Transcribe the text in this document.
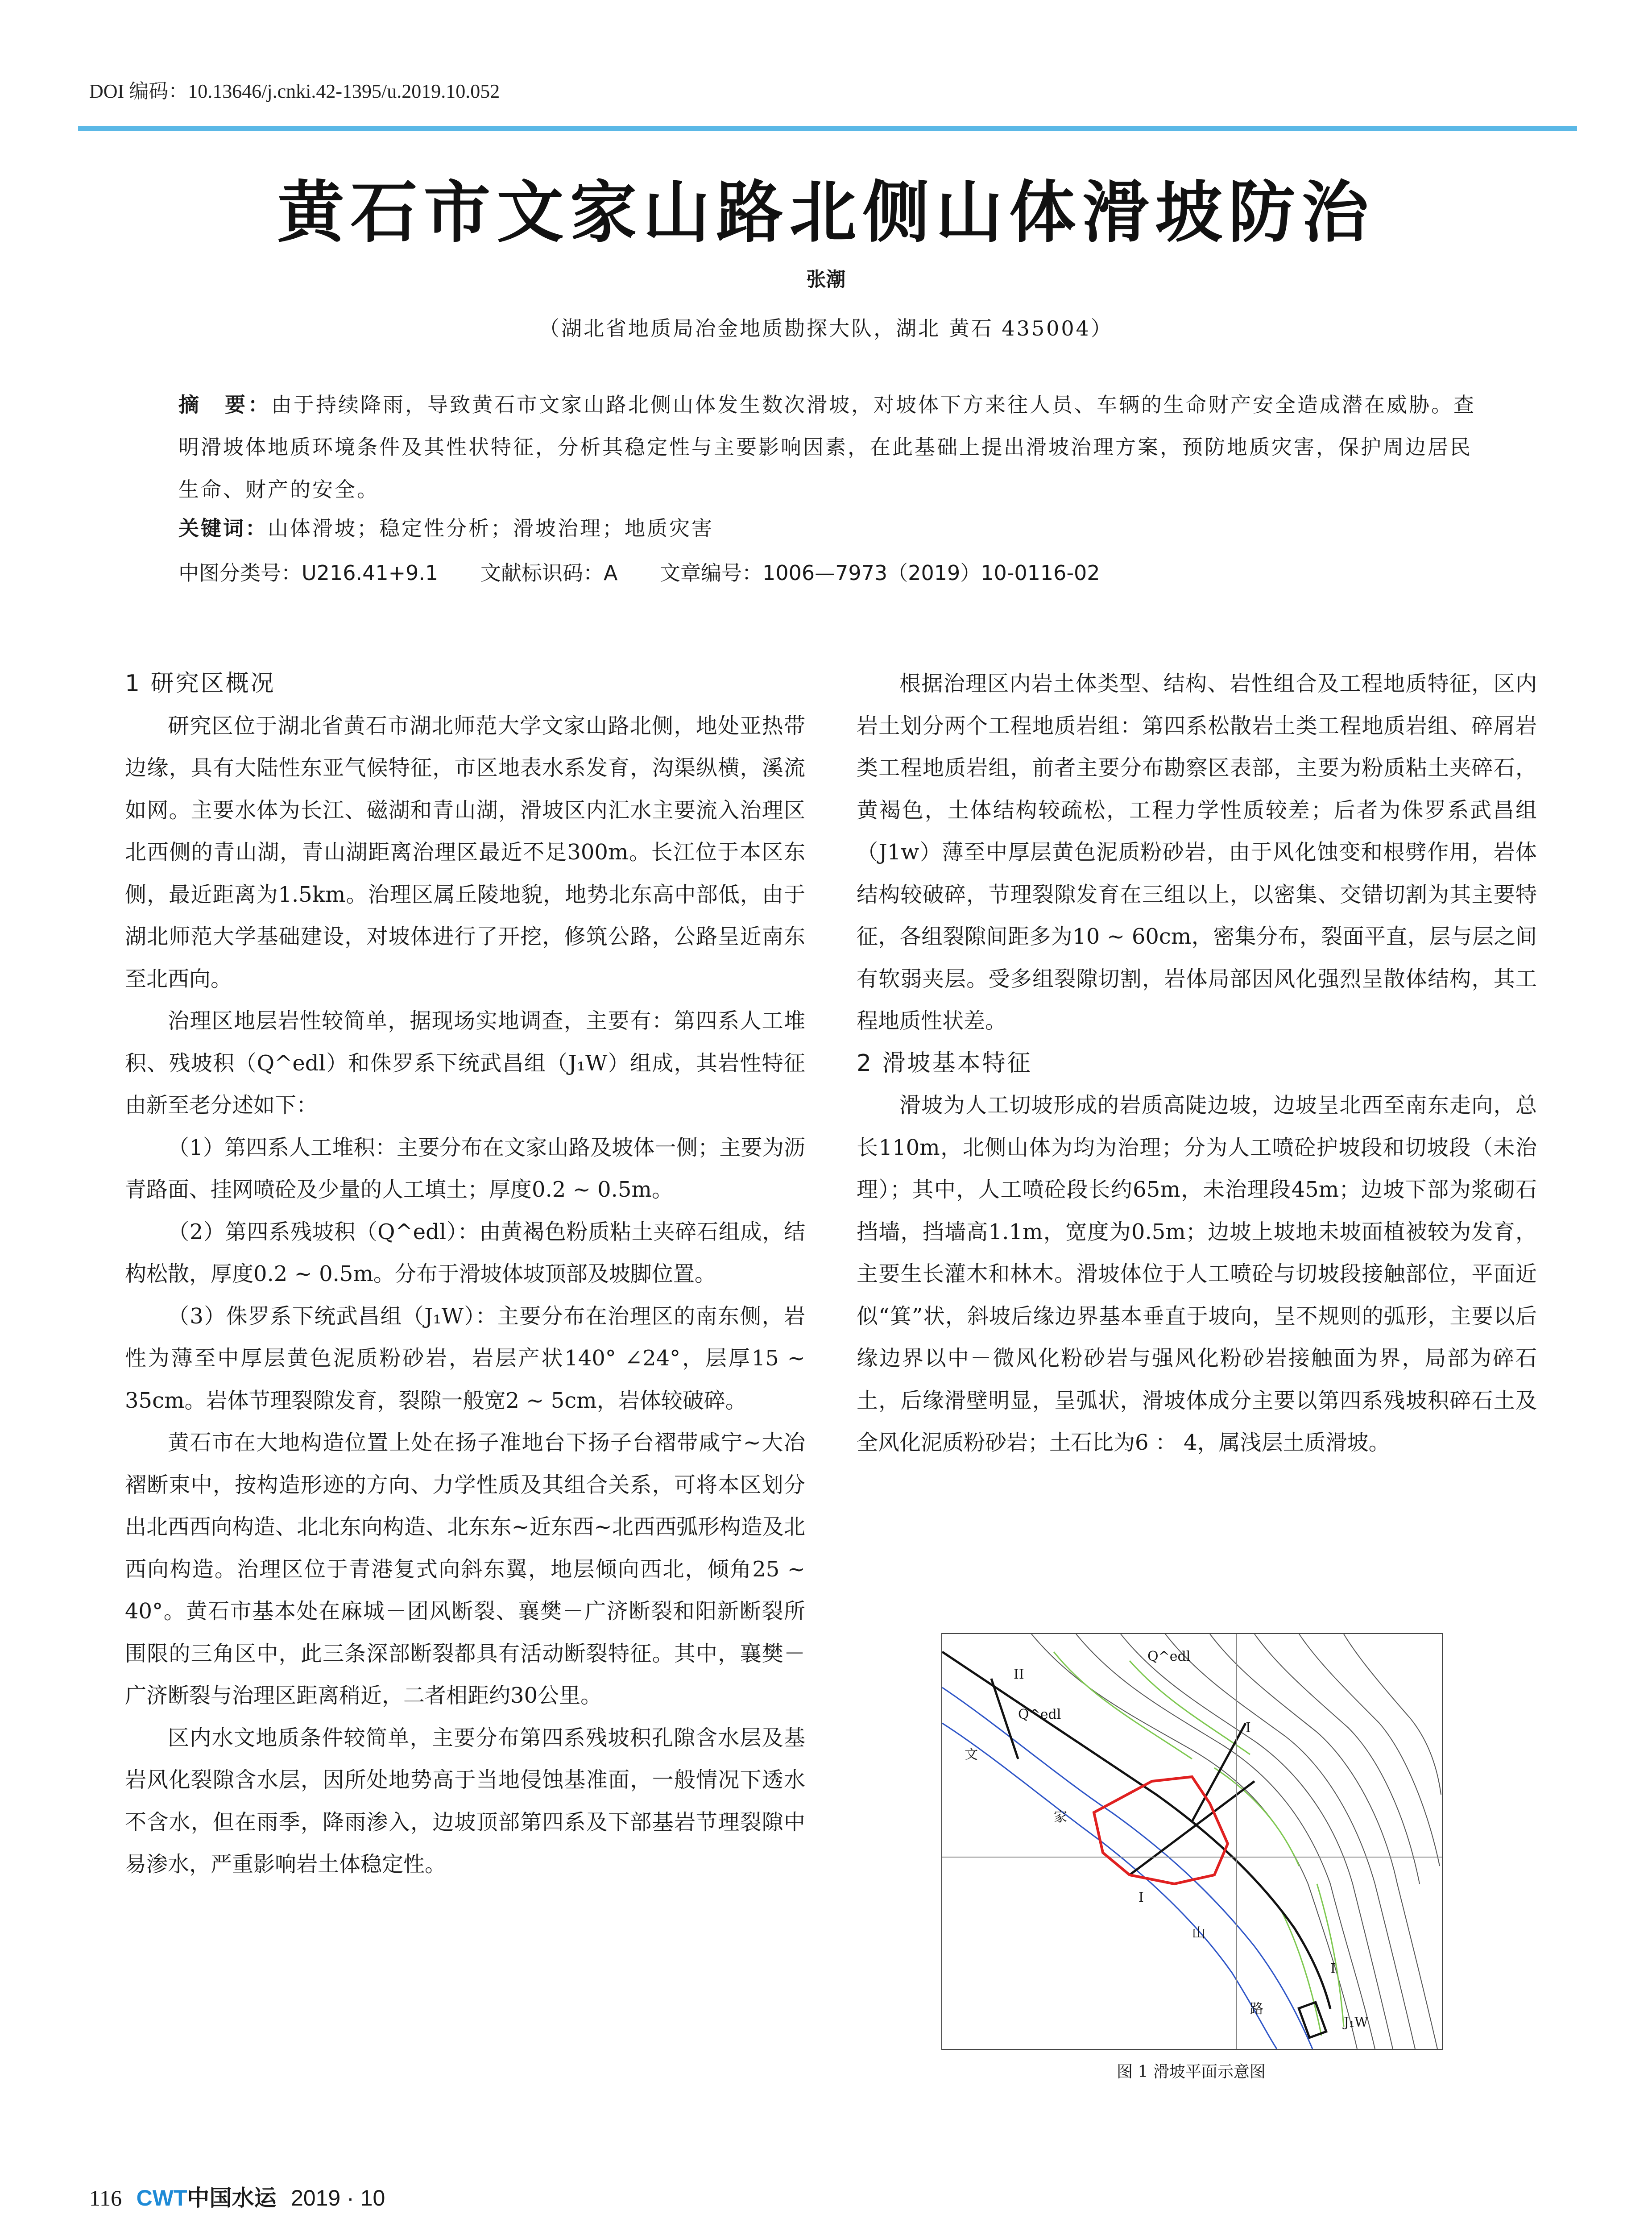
DOI 编码：10.13646/j.cnki.42-1395/u.2019.10.052
黄石市文家山路北侧山体滑坡防治
张潮
（湖北省地质局冶金地质勘探大队，湖北 黄石 435004）
摘　要：由于持续降雨，导致黄石市文家山路北侧山体发生数次滑坡，对坡体下方来往人员、车辆的生命财产安全造成潜在威胁。查明滑坡体地质环境条件及其性状特征，分析其稳定性与主要影响因素，在此基础上提出滑坡治理方案，预防地质灾害，保护周边居民生命、财产的安全。
关键词：山体滑坡；稳定性分析；滑坡治理；地质灾害
中图分类号：U216.41+9.1 文献标识码：A 文章编号：1006—7973（2019）10-0116-02
1 研究区概况

研究区位于湖北省黄石市湖北师范大学文家山路北侧，地处亚热带边缘，具有大陆性东亚气候特征，市区地表水系发育，沟渠纵横，溪流如网。主要水体为长江、磁湖和青山湖，滑坡区内汇水主要流入治理区北西侧的青山湖，青山湖距离治理区最近不足300m。长江位于本区东侧，最近距离为1.5km。治理区属丘陵地貌，地势北东高中部低，由于湖北师范大学基础建设，对坡体进行了开挖，修筑公路，公路呈近南东至北西向。

治理区地层岩性较简单，据现场实地调查，主要有：第四系人工堆积、残坡积（Q^edl）和侏罗系下统武昌组（J₁W）组成，其岩性特征由新至老分述如下：

（1）第四系人工堆积：主要分布在文家山路及坡体一侧；主要为沥青路面、挂网喷砼及少量的人工填土；厚度0.2 ~ 0.5m。

（2）第四系残坡积（Q^edl）：由黄褐色粉质粘土夹碎石组成，结构松散，厚度0.2 ~ 0.5m。分布于滑坡体坡顶部及坡脚位置。

（3）侏罗系下统武昌组（J₁W）：主要分布在治理区的南东侧，岩性为薄至中厚层黄色泥质粉砂岩，岩层产状140° ∠24°，层厚15 ~ 35cm。岩体节理裂隙发育，裂隙一般宽2 ~ 5cm，岩体较破碎。

黄石市在大地构造位置上处在扬子准地台下扬子台褶带咸宁~大冶褶断束中，按构造形迹的方向、力学性质及其组合关系，可将本区划分出北西西向构造、北北东向构造、北东东~近东西~北西西弧形构造及北西向构造。治理区位于青港复式向斜东翼，地层倾向西北，倾角25 ~ 40°。黄石市基本处在麻城－团风断裂、襄樊－广济断裂和阳新断裂所围限的三角区中，此三条深部断裂都具有活动断裂特征。其中，襄樊－广济断裂与治理区距离稍近，二者相距约30公里。

区内水文地质条件较简单，主要分布第四系残坡积孔隙含水层及基岩风化裂隙含水层，因所处地势高于当地侵蚀基准面，一般情况下透水不含水，但在雨季，降雨渗入，边坡顶部第四系及下部基岩节理裂隙中易渗水，严重影响岩土体稳定性。

根据治理区内岩土体类型、结构、岩性组合及工程地质特征，区内岩土划分两个工程地质岩组：第四系松散岩土类工程地质岩组、碎屑岩类工程地质岩组，前者主要分布勘察区表部，主要为粉质粘土夹碎石，黄褐色，土体结构较疏松，工程力学性质较差；后者为侏罗系武昌组（J1w）薄至中厚层黄色泥质粉砂岩，由于风化蚀变和根劈作用，岩体结构较破碎，节理裂隙发育在三组以上，以密集、交错切割为其主要特征，各组裂隙间距多为10 ~ 60cm，密集分布，裂面平直，层与层之间有软弱夹层。受多组裂隙切割，岩体局部因风化强烈呈散体结构，其工程地质性状差。

2 滑坡基本特征

滑坡为人工切坡形成的岩质高陡边坡，边坡呈北西至南东走向，总长110m，北侧山体为均为治理；分为人工喷砼护坡段和切坡段（未治理）；其中，人工喷砼段长约65m，未治理段45m；边坡下部为浆砌石挡墙，挡墙高1.1m，宽度为0.5m；边坡上坡地未坡面植被较为发育，主要生长灌木和林木。滑坡体位于人工喷砼与切坡段接触部位，平面近似“箕”状，斜坡后缘边界基本垂直于坡向，呈不规则的弧形，主要以后缘边界以中－微风化粉砂岩与强风化粉砂岩接触面为界，局部为碎石土，后缘滑壁明显，呈弧状，滑坡体成分主要以第四系残坡积碎石土及全风化泥质粉砂岩；土石比为6 ： 4，属浅层土质滑坡。

Q^edl
Q^edl
II
I
I
I
文
家
山
路
J₁W
图 1 滑坡平面示意图
116 CWT中国水运 2019 · 10
